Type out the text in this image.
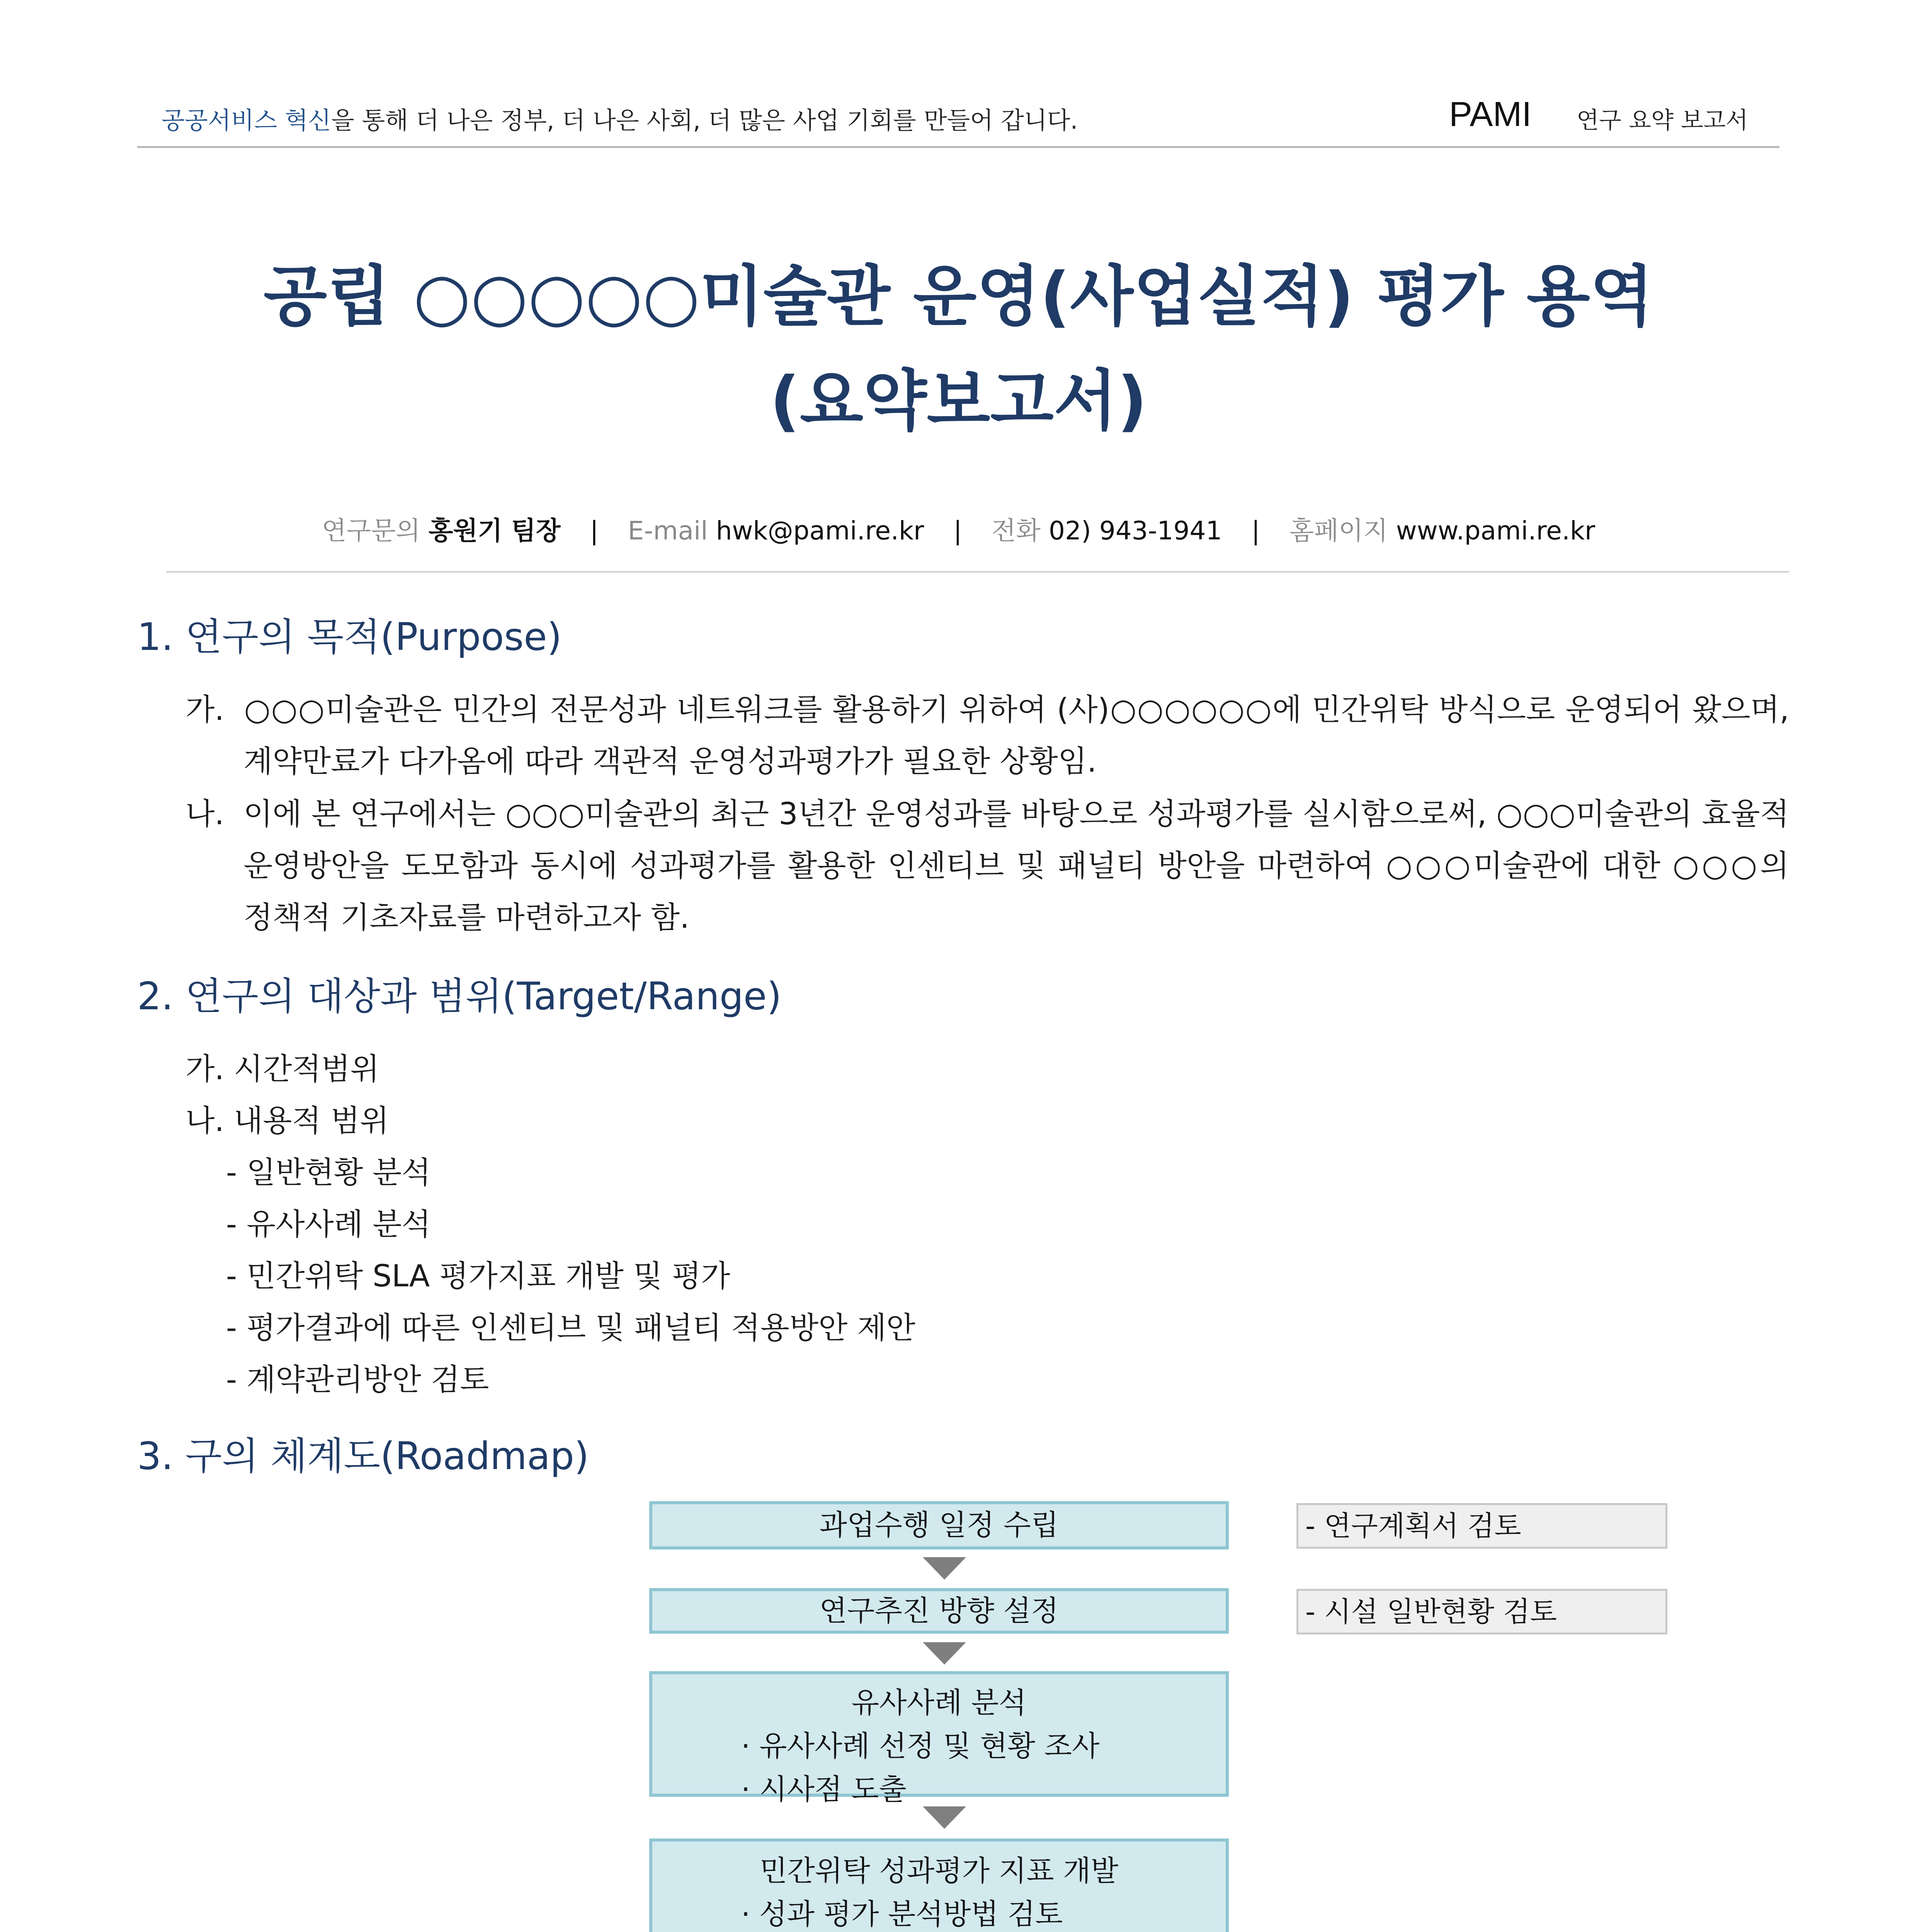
공공서비스 혁신을 통해 더 나은 정부, 더 나은 사회, 더 많은 사업 기회를 만들어 갑니다.	PAMI 연구 요약 보고서
공립 ○○○○○미술관 운영(사업실적) 평가 용역
(요약보고서)
연구문의 홍원기 팀장 | E-mail hwk@pami.re.kr | 전화 02) 943-1941 | 홈페이지 www.pami.re.kr
1. 연구의 목적(Purpose)
가. ○○○미술관은 민간의 전문성과 네트워크를 활용하기 위하여 (사)○○○○○○에 민간위탁 방식으로 운영되어 왔으며,
계약만료가 다가옴에 따라 객관적 운영성과평가가 필요한 상황임.
나. 이에 본 연구에서는 ○○○미술관의 최근 3년간 운영성과를 바탕으로 성과평가를 실시함으로써, ○○○미술관의 효율적
운영방안을 도모함과 동시에 성과평가를 활용한 인센티브 및 패널티 방안을 마련하여 ○○○미술관에 대한 ○○○의
정책적 기초자료를 마련하고자 함.
2. 연구의 대상과 범위(Target/Range)
가. 시간적범위
나. 내용적 범위
- 일반현황 분석
- 유사사례 분석
- 민간위탁 SLA 평가지표 개발 및 평가
- 평가결과에 따른 인센티브 및 패널티 적용방안 제안
- 계약관리방안 검토
3. 구의 체계도(Roadmap)
과업수행 일정 수립
연구추진 방향 설정
유사사례 분석
· 유사사례 선정 및 현황 조사
· 시사점 도출
민간위탁 성과평가 지표 개발
· 성과 평가 분석방법 검토
- 연구계획서 검토
- 시설 일반현황 검토
